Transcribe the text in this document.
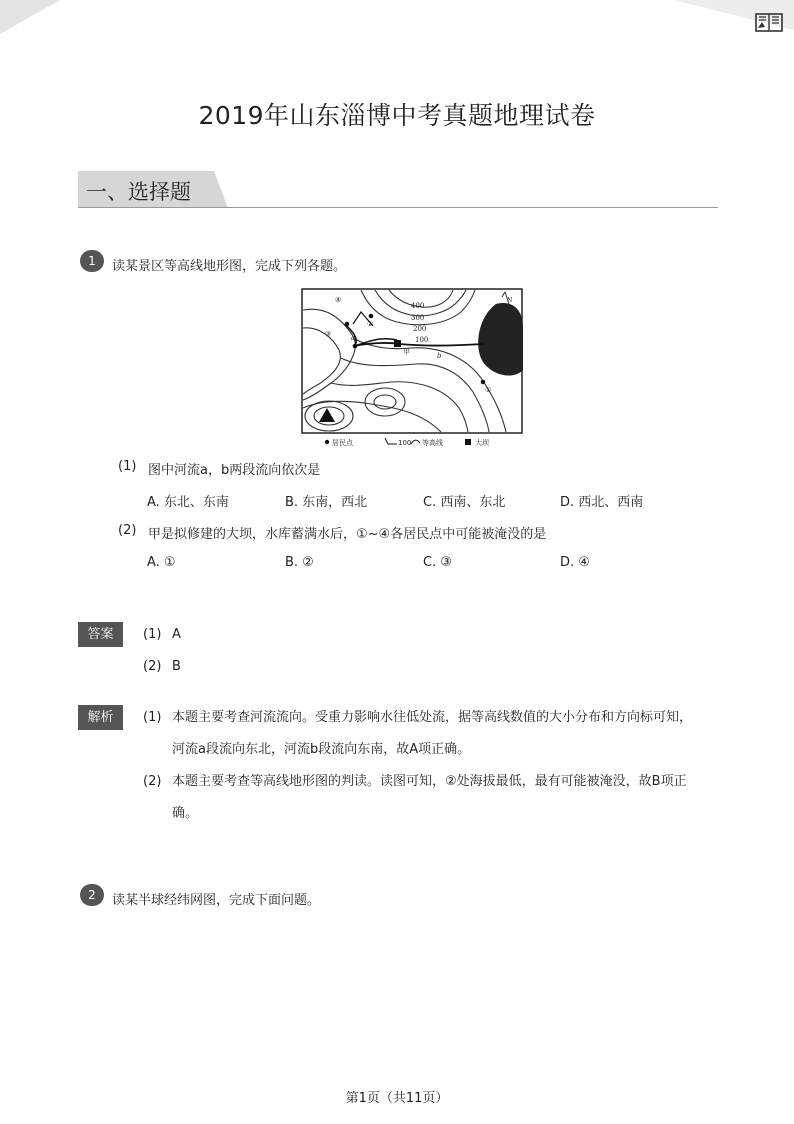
2019年山东淄博中考真题地理试卷
一、选择题
1	读某景区等高线地形图，完成下列各题。
400
300
200
100
④
②
③
①
a
b
甲
N
居民点	100 等高线	大坝
(1) 图中河流a，b两段流向依次是
A. 东北、东南	B. 东南，西北	C. 西南、东北	D. 西北、西南
(2) 甲是拟修建的大坝，水库蓄满水后，①~④各居民点中可能被淹没的是
A. ①	B. ②	C. ③	D. ④
答案	(1) A
(2) B
解析	(1) 本题主要考查河流流向。受重力影响水往低处流，据等高线数值的大小分布和方向标可知，河流a段流向东北，河流b段流向东南，故A项正确。
(2) 本题主要考查等高线地形图的判读。读图可知，②处海拔最低，最有可能被淹没，故B项正确。
2	读某半球经纬网图，完成下面问题。
第1页（共11页）
